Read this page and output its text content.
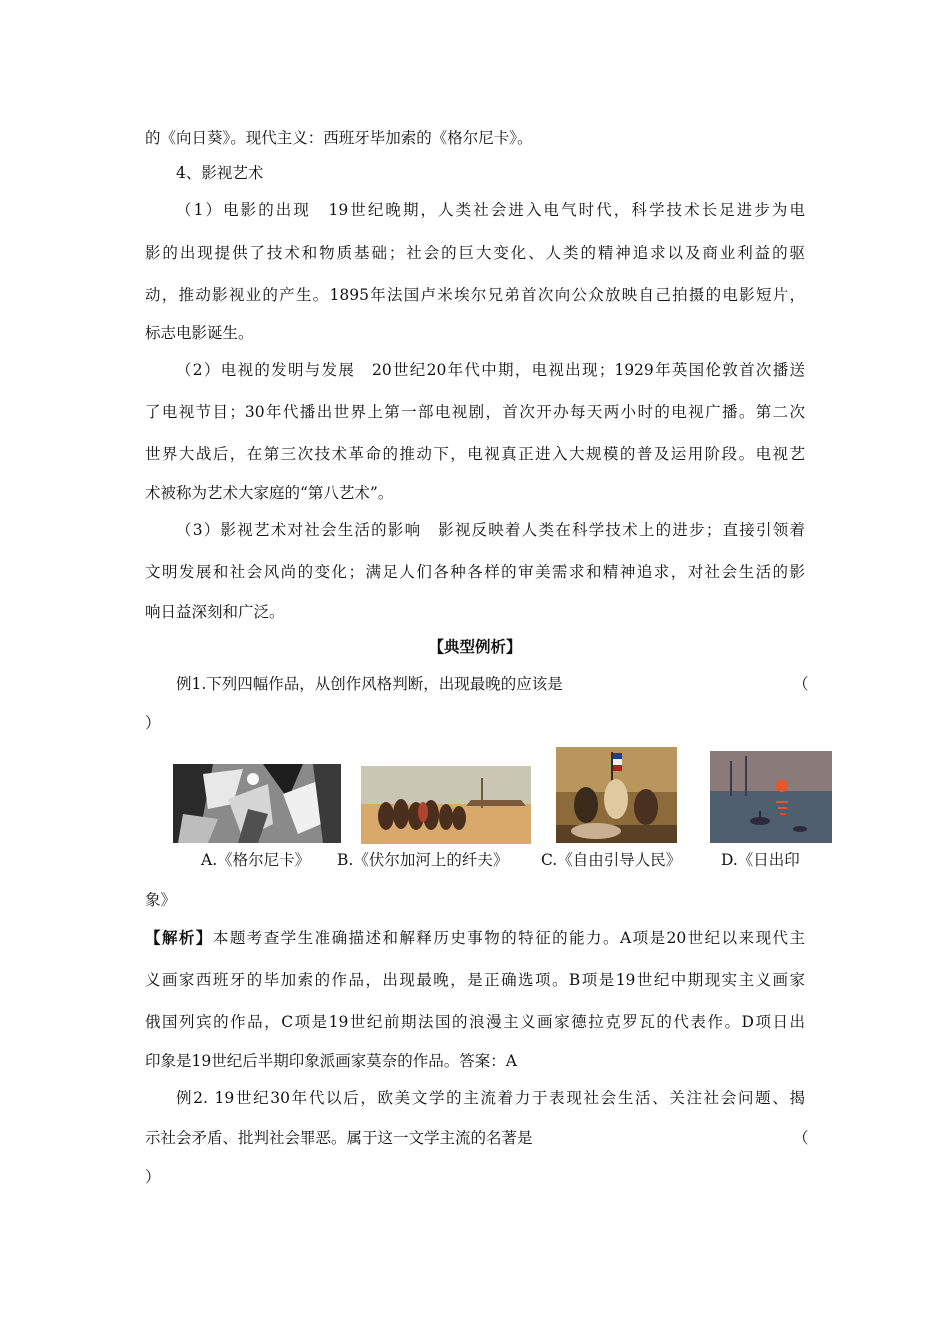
的《向日葵》。现代主义：西班牙毕加索的《格尔尼卡》。
4、影视艺术
（1）电影的出现　19世纪晚期，人类社会进入电气时代，科学技术长足进步为电
影的出现提供了技术和物质基础；社会的巨大变化、人类的精神追求以及商业利益的驱
动，推动影视业的产生。1895年法国卢米埃尔兄弟首次向公众放映自己拍摄的电影短片，
标志电影诞生。
（2）电视的发明与发展　20世纪20年代中期，电视出现；1929年英国伦敦首次播送
了电视节目；30年代播出世界上第一部电视剧，首次开办每天两小时的电视广播。第二次
世界大战后，在第三次技术革命的推动下，电视真正进入大规模的普及运用阶段。电视艺
术被称为艺术大家庭的“第八艺术”。
（3）影视艺术对社会生活的影响　影视反映着人类在科学技术上的进步；直接引领着
文明发展和社会风尚的变化；满足人们各种各样的审美需求和精神追求，对社会生活的影
响日益深刻和广泛。
【典型例析】
例1.下列四幅作品，从创作风格判断，出现最晚的应该是	（
）
A.《格尔尼卡》 B.《伏尔加河上的纤夫》 C.《自由引导人民》	D.《日出印
象》
【解析】本题考查学生准确描述和解释历史事物的特征的能力。A项是20世纪以来现代主
义画家西班牙的毕加索的作品，出现最晚，是正确选项。B项是19世纪中期现实主义画家
俄国列宾的作品，C项是19世纪前期法国的浪漫主义画家德拉克罗瓦的代表作。D项日出
印象是19世纪后半期印象派画家莫奈的作品。答案：A
例2. 19世纪30年代以后，欧美文学的主流着力于表现社会生活、关注社会问题、揭
示社会矛盾、批判社会罪恶。属于这一文学主流的名著是	（
）
